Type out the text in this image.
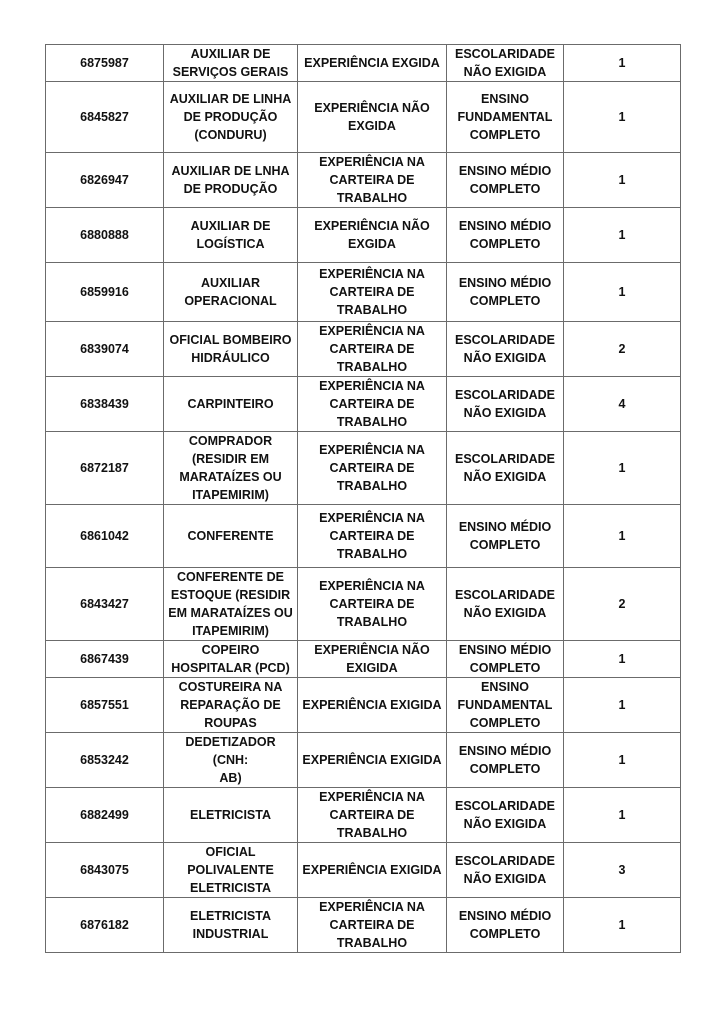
6875987	AUXILIAR DE
SERVIÇOS GERAIS	EXPERIÊNCIA EXGIDA	ESCOLARIDADE
NÃO EXIGIDA	1
6845827	AUXILIAR DE LINHA
DE PRODUÇÃO
(CONDURU)	EXPERIÊNCIA NÃO
EXGIDA	ENSINO
FUNDAMENTAL
COMPLETO	1
6826947	AUXILIAR DE LNHA
DE PRODUÇÃO	EXPERIÊNCIA NA
CARTEIRA DE
TRABALHO	ENSINO MÉDIO
COMPLETO	1
6880888	AUXILIAR DE
LOGÍSTICA	EXPERIÊNCIA NÃO
EXGIDA	ENSINO MÉDIO
COMPLETO	1
6859916	AUXILIAR
OPERACIONAL	EXPERIÊNCIA NA
CARTEIRA DE
TRABALHO	ENSINO MÉDIO
COMPLETO	1
6839074	OFICIAL BOMBEIRO
HIDRÁULICO	EXPERIÊNCIA NA
CARTEIRA DE
TRABALHO	ESCOLARIDADE
NÃO EXIGIDA	2
6838439	CARPINTEIRO	EXPERIÊNCIA NA
CARTEIRA DE
TRABALHO	ESCOLARIDADE
NÃO EXIGIDA	4
6872187	COMPRADOR
(RESIDIR EM
MARATAÍZES OU
ITAPEMIRIM)	EXPERIÊNCIA NA
CARTEIRA DE
TRABALHO	ESCOLARIDADE
NÃO EXIGIDA	1
6861042	CONFERENTE	EXPERIÊNCIA NA
CARTEIRA DE
TRABALHO	ENSINO MÉDIO
COMPLETO	1
6843427	CONFERENTE DE
ESTOQUE (RESIDIR
EM MARATAÍZES OU
ITAPEMIRIM)	EXPERIÊNCIA NA
CARTEIRA DE
TRABALHO	ESCOLARIDADE
NÃO EXIGIDA	2
6867439	COPEIRO
HOSPITALAR (PCD)	EXPERIÊNCIA NÃO
EXIGIDA	ENSINO MÉDIO
COMPLETO	1
6857551	COSTUREIRA NA
REPARAÇÃO DE
ROUPAS	EXPERIÊNCIA EXIGIDA	ENSINO
FUNDAMENTAL
COMPLETO	1
6853242	DEDETIZADOR (CNH:
AB)	EXPERIÊNCIA EXIGIDA	ENSINO MÉDIO
COMPLETO	1
6882499	ELETRICISTA	EXPERIÊNCIA NA
CARTEIRA DE
TRABALHO	ESCOLARIDADE
NÃO EXIGIDA	1
6843075	OFICIAL POLIVALENTE
ELETRICISTA	EXPERIÊNCIA EXIGIDA	ESCOLARIDADE
NÃO EXIGIDA	3
6876182	ELETRICISTA
INDUSTRIAL	EXPERIÊNCIA NA
CARTEIRA DE
TRABALHO	ENSINO MÉDIO
COMPLETO	1
